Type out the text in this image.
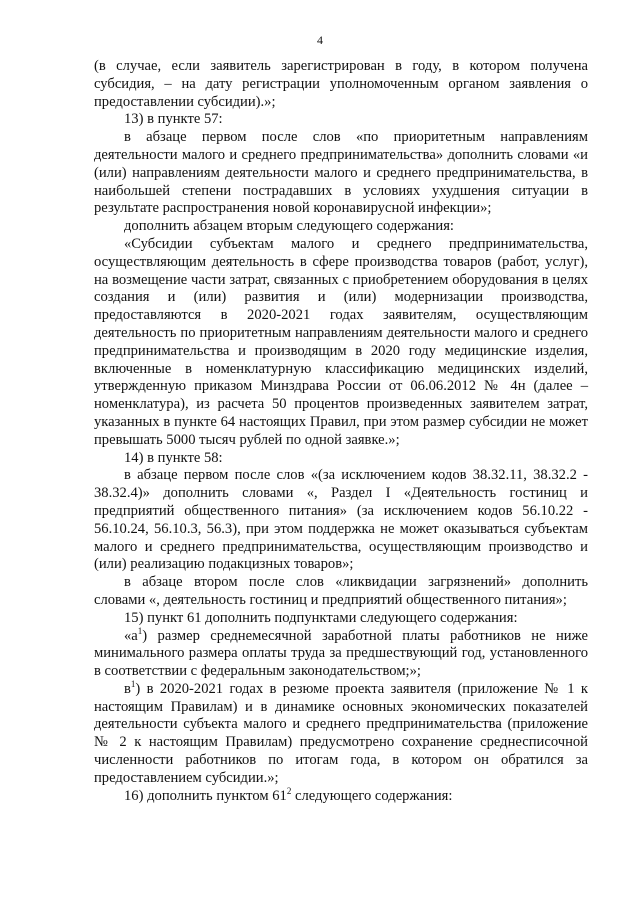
4

(в случае, если заявитель зарегистрирован в году, в котором получена субсидия, – на дату регистрации уполномоченным органом заявления о предоставлении субсидии).»;

13) в пункте 57:

в абзаце первом после слов «по приоритетным направлениям деятельности малого и среднего предпринимательства» дополнить словами «и (или) направлениям деятельности малого и среднего предпринимательства, в наибольшей степени пострадавших в условиях ухудшения ситуации в результате распространения новой коронавирусной инфекции»;

дополнить абзацем вторым следующего содержания:

«Субсидии субъектам малого и среднего предпринимательства, осуществляющим деятельность в сфере производства товаров (работ, услуг), на возмещение части затрат, связанных с приобретением оборудования в целях создания и (или) развития и (или) модернизации производства, предоставляются в 2020-2021 годах заявителям, осуществляющим деятельность по приоритетным направлениям деятельности малого и среднего предпринимательства и производящим в 2020 году медицинские изделия, включенные в номенклатурную классификацию медицинских изделий, утвержденную приказом Минздрава России от 06.06.2012 № 4н (далее – номенклатура), из расчета 50 процентов произведенных заявителем затрат, указанных в пункте 64 настоящих Правил, при этом размер субсидии не может превышать 5000 тысяч рублей по одной заявке.»;

14) в пункте 58:

в абзаце первом после слов «(за исключением кодов 38.32.11, 38.32.2 - 38.32.4)» дополнить словами «, Раздел I «Деятельность гостиниц и предприятий общественного питания» (за исключением кодов 56.10.22 - 56.10.24, 56.10.3, 56.3), при этом поддержка не может оказываться субъектам малого и среднего предпринимательства, осуществляющим производство и (или) реализацию подакцизных товаров»;

в абзаце втором после слов «ликвидации загрязнений» дополнить словами «, деятельность гостиниц и предприятий общественного питания»;

15) пункт 61 дополнить подпунктами следующего содержания:

«$а^1$) размер среднемесячной заработной платы работников не ниже минимального размера оплаты труда за предшествующий год, установленного в соответствии с федеральным законодательством;»;

$в^1$) в 2020-2021 годах в резюме проекта заявителя (приложение № 1 к настоящим Правилам) и в динамике основных экономических показателей деятельности субъекта малого и среднего предпринимательства (приложение № 2 к настоящим Правилам) предусмотрено сохранение среднесписочной численности работников по итогам года, в котором он обратился за предоставлением субсидии.»;

16) дополнить пунктом $61^2$ следующего содержания:
